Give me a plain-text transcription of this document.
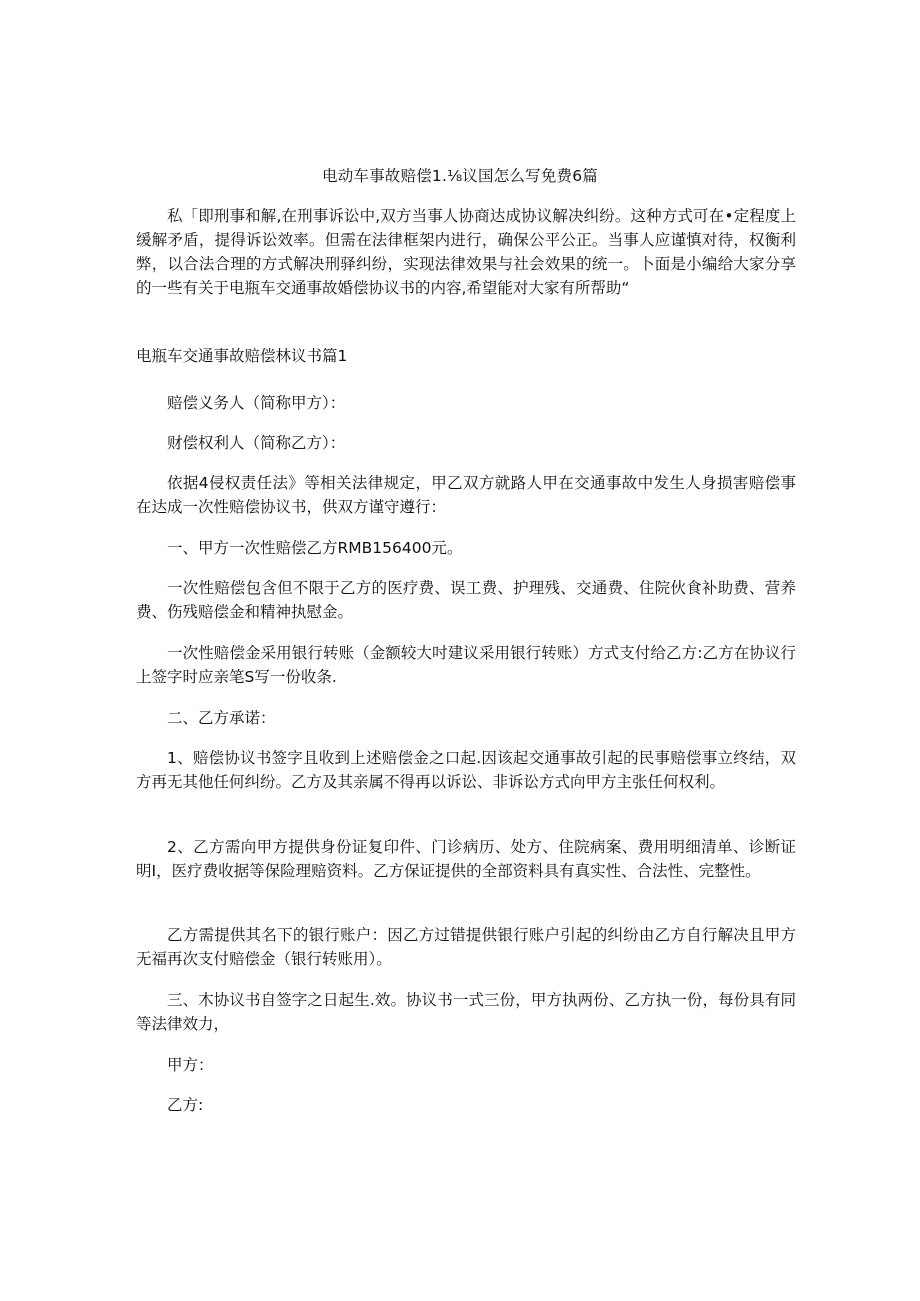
电动车事故赔偿1.⅛议国怎么写免费6篇

私「即刑事和解,在刑事诉讼中,双方当事人协商达成协议解决纠纷。这种方式可在•定程度上缓解矛盾，提得诉讼效率。但需在法律框架内进行，确保公平公正。当事人应谨慎对待，权衡利弊，以合法合理的方式解决刑驿纠纷，实现法律效果与社会效果的统一。卜面是小编给大家分享的一些有关于电瓶车交通事故婚偿协议书的内容,希望能对大家有所帮助“

电瓶车交通事故赔偿林议书篇1

赔偿义务人（简称甲方）：

财偿权利人（简称乙方）：

依据4侵权责任法》等相关法律规定，甲乙双方就路人甲在交通事故中发生人身损害赔偿事在达成一次性赔偿协议书，供双方谨守遵行：

一、甲方一次性赔偿乙方RMB156400元。

一次性赔偿包含但不限于乙方的医疗费、误工费、护理残、交通费、住院伙食补助费、营养费、伤残赔偿金和精神执慰金。

一次性赔偿金采用银行转账（金额较大吋建议采用银行转账）方式支付给乙方:乙方在协议行上签字时应亲笔S写一份收条.

二、乙方承诺：

1、赔偿协议书签字且收到上述赔偿金之口起.因该起交通事故引起的民事赔偿事立终结，双方再无其他任何纠纷。乙方及其亲属不得再以诉讼、非诉讼方式向甲方主张任何权利。

2、乙方需向甲方提供身份证复印件、门诊病历、处方、住院病案、费用明细清单、诊断证明I，医疗费收据等保险理赔资料。乙方保证提供的全部资料具有真实性、合法性、完整性。

乙方需提供其名下的银行账户：因乙方过错提供银行账户引起的纠纷由乙方自行解决且甲方无福再次支付赔偿金（银行转账用）。

三、木协议书自签字之日起生.效。协议书一式三份，甲方执两份、乙方执一份，每份具有同等法律效力，

甲方：

乙方:
